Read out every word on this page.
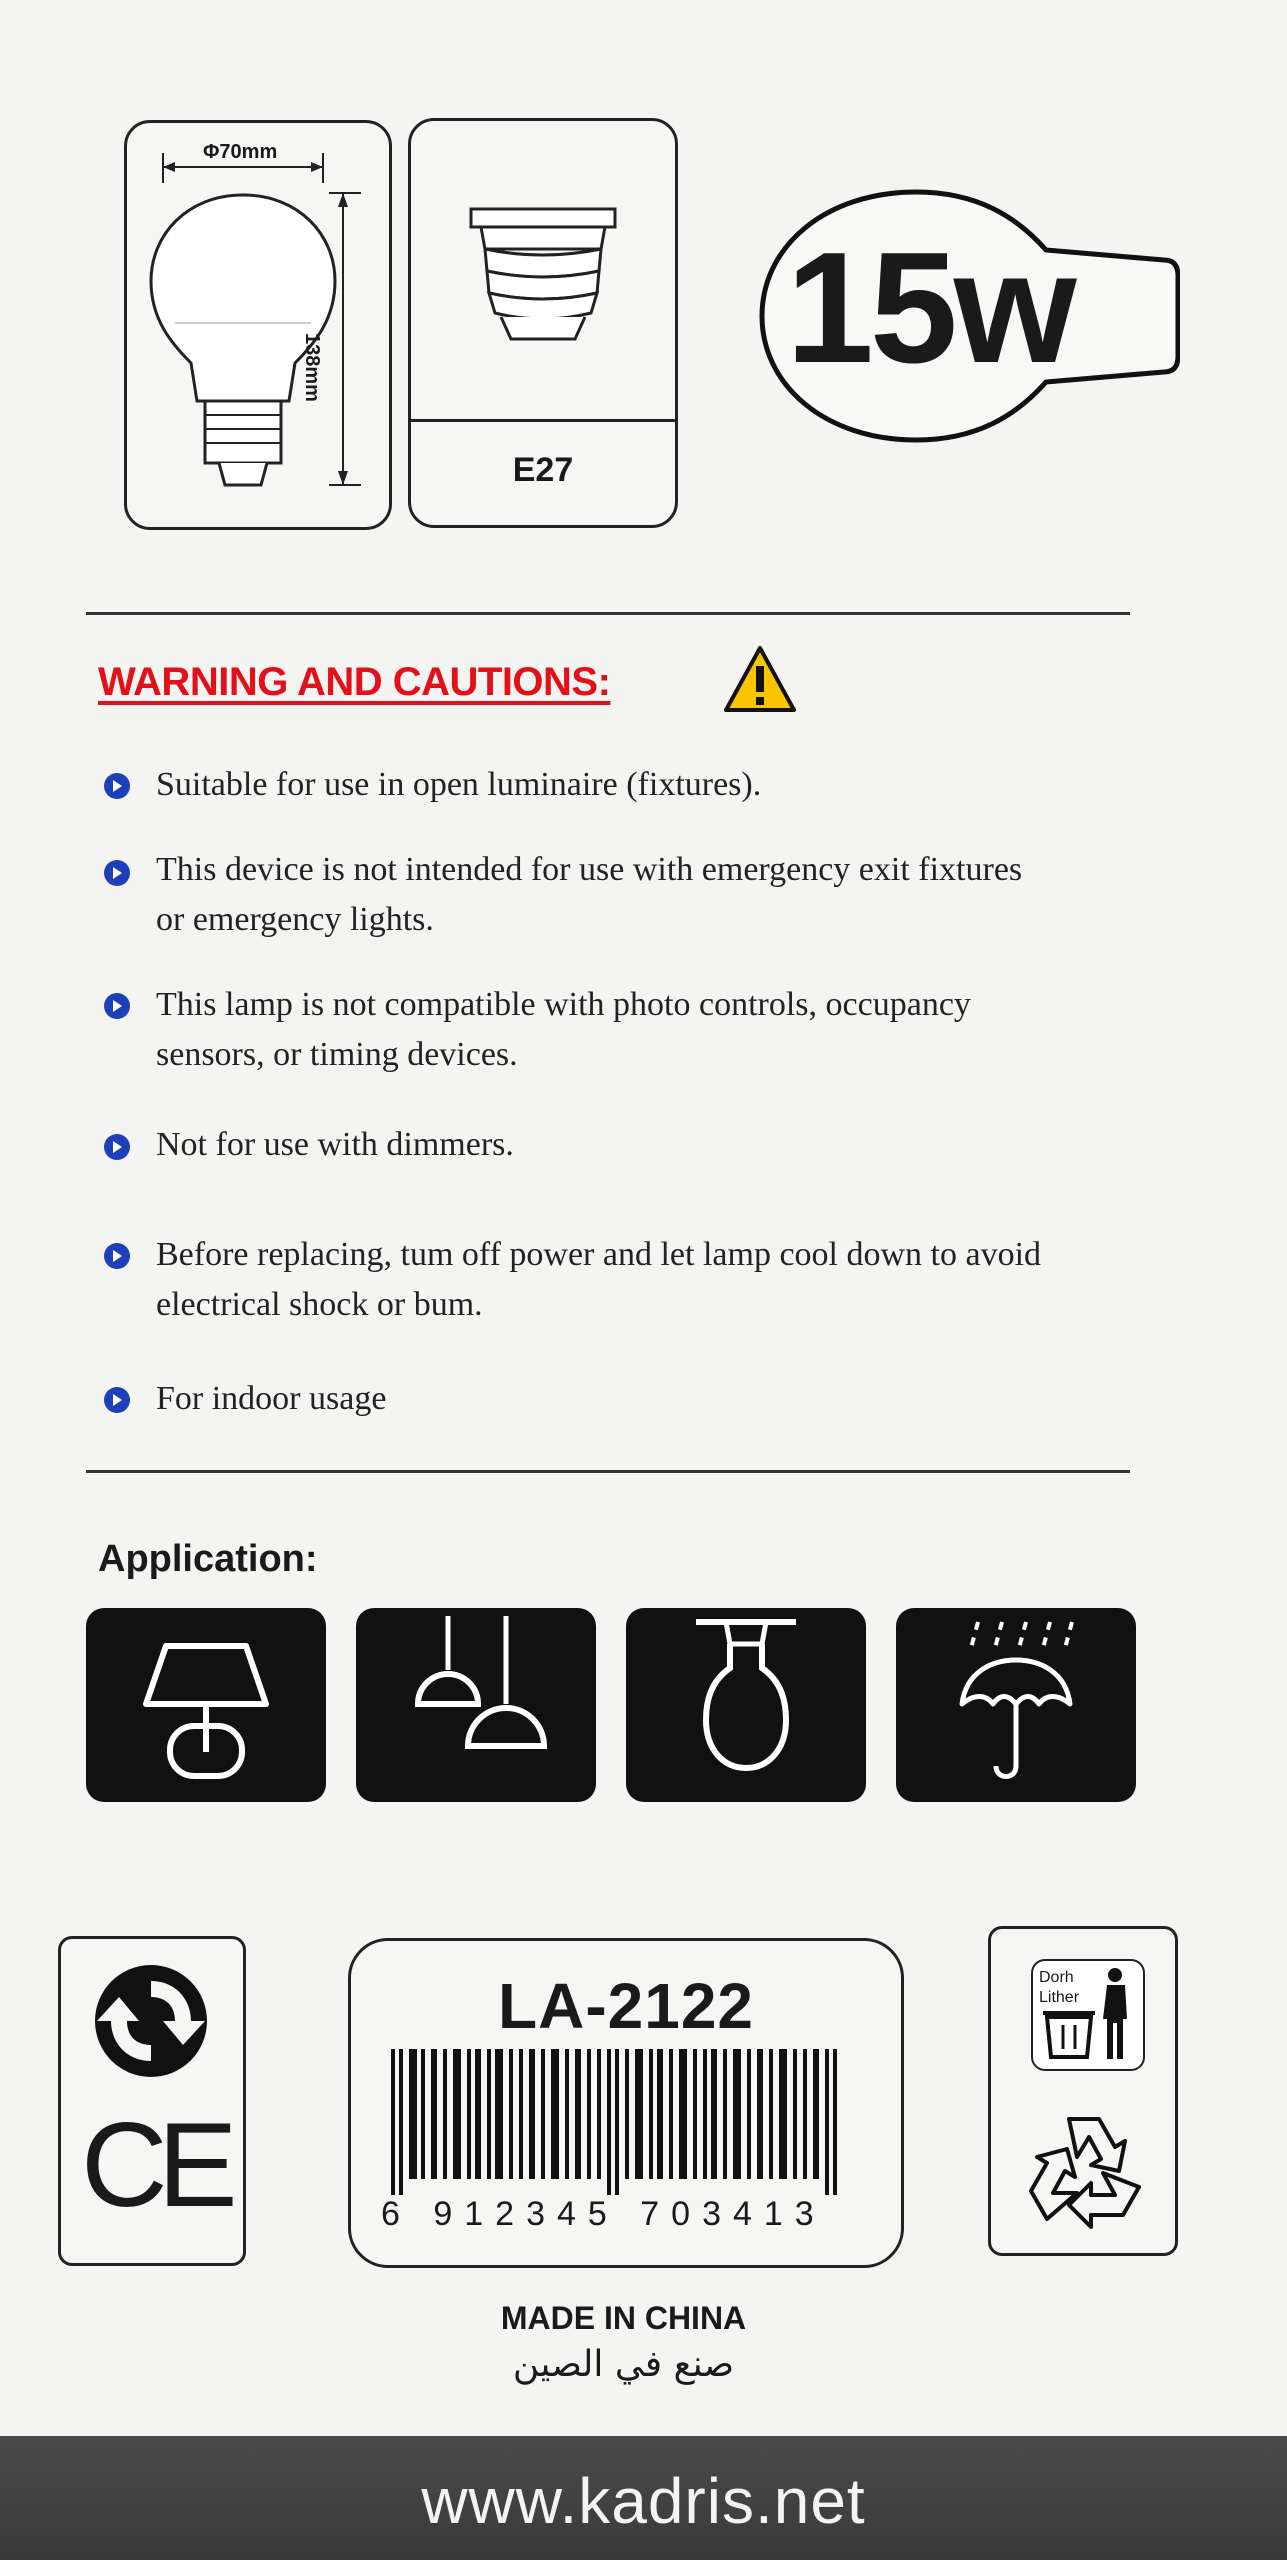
Φ70mm
138mm
E27
15w
WARNING AND CAUTIONS:
Suitable for use in open luminaire (fixtures).
This device is not intended for use with emergency exit fixtures
or emergency lights.
This lamp is not compatible with photo controls, occupancy
sensors, or timing devices.
Not for use with dimmers.
Before replacing, tum off power and let lamp cool down to avoid
electrical shock or bum.
For indoor usage
Application:
CE
LA-2122
6 912345 703413
Dorh
Lither
MADE IN CHINA
صنع في الصين
www.kadris.net
